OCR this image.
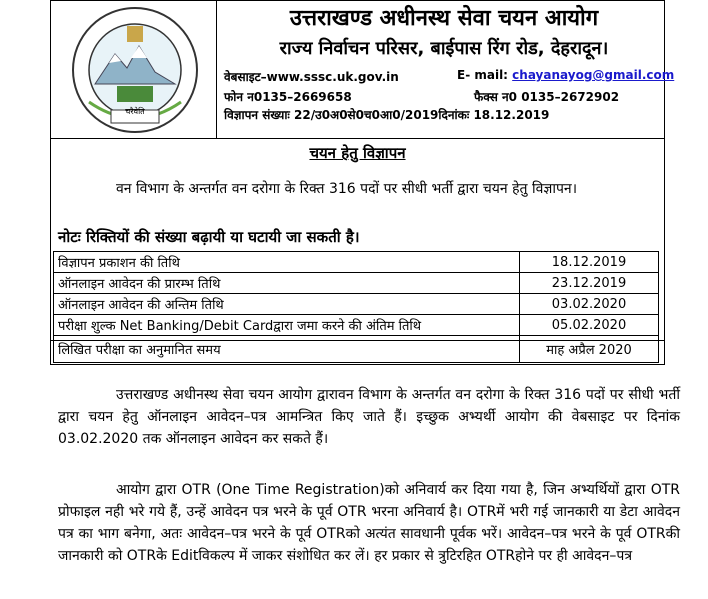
चरैवेति
उत्तराखण्ड अधीनस्थ सेवा चयन आयोग
राज्य निर्वाचन परिसर, बाईपास रिंग रोड, देहरादून।
वेबसाइट–www.sssc.uk.gov.in	E- mail: chayanayog@gmail.com
फोन न0135–2669658	फैक्स न0 0135–2672902
विज्ञापन संख्याः 22/उ0अ0से0च0आ0/2019दिनांकः 18.12.2019
चयन हेतु विज्ञापन
वन विभाग के अन्तर्गत वन दरोगा के रिक्त 316 पदों पर सीधी भर्ती द्वारा चयन हेतु विज्ञापन।
नोटः रिक्तियों की संख्या बढ़ायी या घटायी जा सकती है।
विज्ञापन प्रकाशन की तिथि	18.12.2019
ऑनलाइन आवेदन की प्रारम्भ तिथि	23.12.2019
ऑनलाइन आवेदन की अन्तिम तिथि	03.02.2020
परीक्षा शुल्क Net Banking/Debit Cardद्वारा जमा करने की अंतिम तिथि	05.02.2020
लिखित परीक्षा का अनुमानित समय	माह अप्रैल 2020
उत्तराखण्ड अधीनस्थ सेवा चयन आयोग द्वारावन विभाग के अन्तर्गत वन दरोगा के रिक्त 316 पदों पर सीधी भर्ती द्वारा चयन हेतु ऑनलाइन आवेदन–पत्र आमन्त्रित किए जाते हैं। इच्छुक अभ्यर्थी आयोग की वेबसाइट पर दिनांक 03.02.2020 तक ऑनलाइन आवेदन कर सकते हैं।
आयोग द्वारा OTR (One Time Registration)को अनिवार्य कर दिया गया है, जिन अभ्यर्थियों द्वारा OTR प्रोफाइल नही भरे गये हैं, उन्हें आवेदन पत्र भरने के पूर्व OTR भरना अनिवार्य है। OTRमें भरी गई जानकारी या डेटा आवेदन पत्र का भाग बनेगा, अतः आवेदन–पत्र भरने के पूर्व OTRको अत्यंत सावधानी पूर्वक भरें। आवेदन–पत्र भरने के पूर्व OTRकी जानकारी को OTRके Editविकल्प में जाकर संशोधित कर लें। हर प्रकार से त्रुटिरहित OTRहोने पर ही आवेदन–पत्र
